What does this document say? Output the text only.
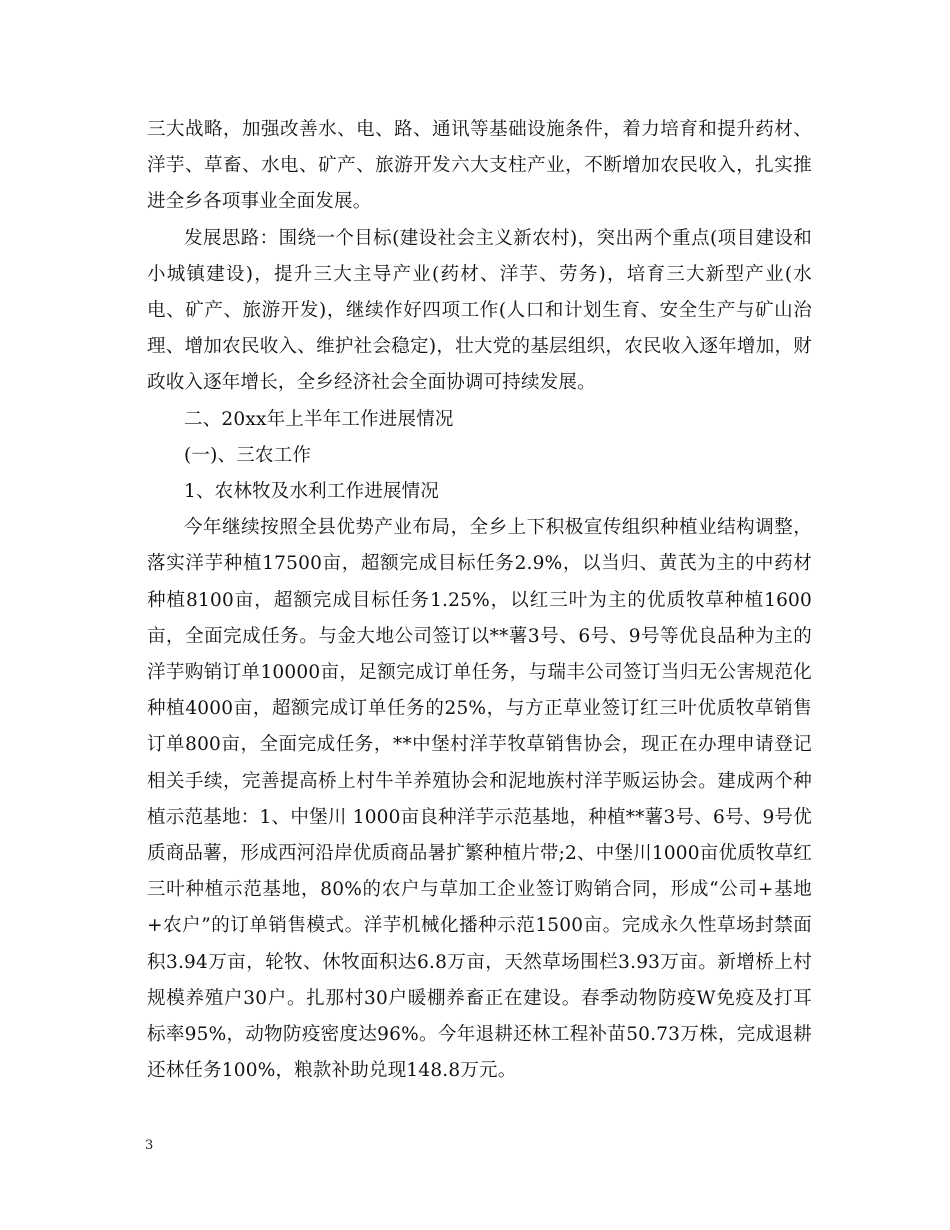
三大战略，加强改善水、电、路、通讯等基础设施条件，着力培育和提升药材、洋芋、草畜、水电、矿产、旅游开发六大支柱产业，不断增加农民收入，扎实推进全乡各项事业全面发展。

发展思路：围绕一个目标(建设社会主义新农村)，突出两个重点(项目建设和小城镇建设)，提升三大主导产业(药材、洋芋、劳务)，培育三大新型产业(水电、矿产、旅游开发)，继续作好四项工作(人口和计划生育、安全生产与矿山治理、增加农民收入、维护社会稳定)，壮大党的基层组织，农民收入逐年增加，财政收入逐年增长，全乡经济社会全面协调可持续发展。

二、20xx年上半年工作进展情况

(一)、三农工作

1、农林牧及水利工作进展情况

今年继续按照全县优势产业布局，全乡上下积极宣传组织种植业结构调整，落实洋芋种植17500亩，超额完成目标任务2.9%，以当归、黄芪为主的中药材种植8100亩，超额完成目标任务1.25%，以红三叶为主的优质牧草种植1600亩，全面完成任务。与金大地公司签订以**薯3号、6号、9号等优良品种为主的洋芋购销订单10000亩，足额完成订单任务，与瑞丰公司签订当归无公害规范化种植4000亩，超额完成订单任务的25%，与方正草业签订红三叶优质牧草销售订单800亩，全面完成任务，**中堡村洋芋牧草销售协会，现正在办理申请登记相关手续，完善提高桥上村牛羊养殖协会和泥地族村洋芋贩运协会。建成两个种植示范基地：1、中堡川 1000亩良种洋芋示范基地，种植**薯3号、6号、9号优质商品薯，形成西河沿岸优质商品暑扩繁种植片带;2、中堡川1000亩优质牧草红三叶种植示范基地，80%的农户与草加工企业签订购销合同，形成“公司+基地+农户”的订单销售模式。洋芋机械化播种示范1500亩。完成永久性草场封禁面积3.94万亩，轮牧、休牧面积达6.8万亩，天然草场围栏3.93万亩。新增桥上村规模养殖户30户。扎那村30户暖棚养畜正在建设。春季动物防疫W免疫及打耳标率95%，动物防疫密度达96%。今年退耕还林工程补苗50.73万株，完成退耕还林任务100%，粮款补助兑现148.8万元。

3
